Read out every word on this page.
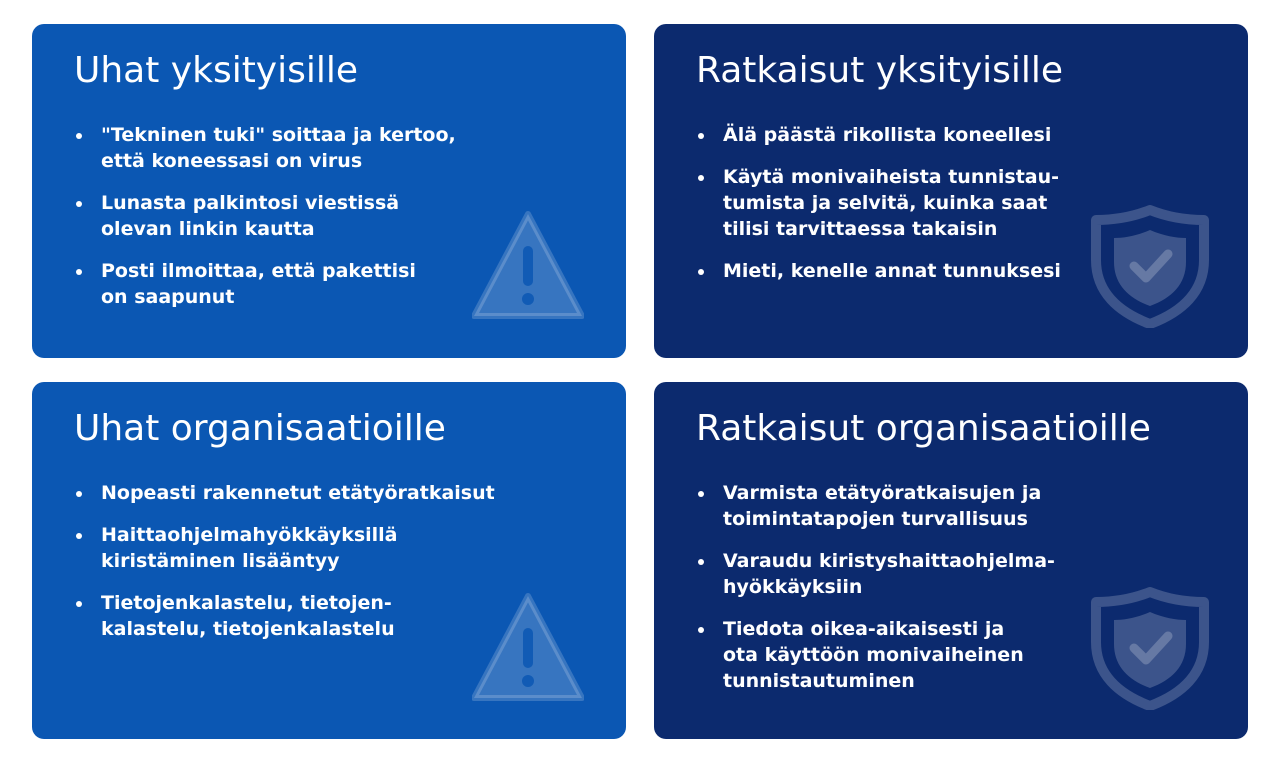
Uhat yksityisille
"Tekninen tuki" soittaa ja kertoo,
että koneessasi on virus
Lunasta palkintosi viestissä
olevan linkin kautta
Posti ilmoittaa, että pakettisi
on saapunut
Ratkaisut yksityisille
Älä päästä rikollista koneellesi
Käytä monivaiheista tunnistau-
tumista ja selvitä, kuinka saat
tilisi tarvittaessa takaisin
Mieti, kenelle annat tunnuksesi
Uhat organisaatioille
Nopeasti rakennetut etätyöratkaisut
Haittaohjelmahyökkäyksillä
kiristäminen lisääntyy
Tietojenkalastelu, tietojen-
kalastelu, tietojenkalastelu
Ratkaisut organisaatioille
Varmista etätyöratkaisujen ja
toimintatapojen turvallisuus
Varaudu kiristyshaittaohjelma-
hyökkäyksiin
Tiedota oikea-aikaisesti ja
ota käyttöön monivaiheinen
tunnistautuminen
